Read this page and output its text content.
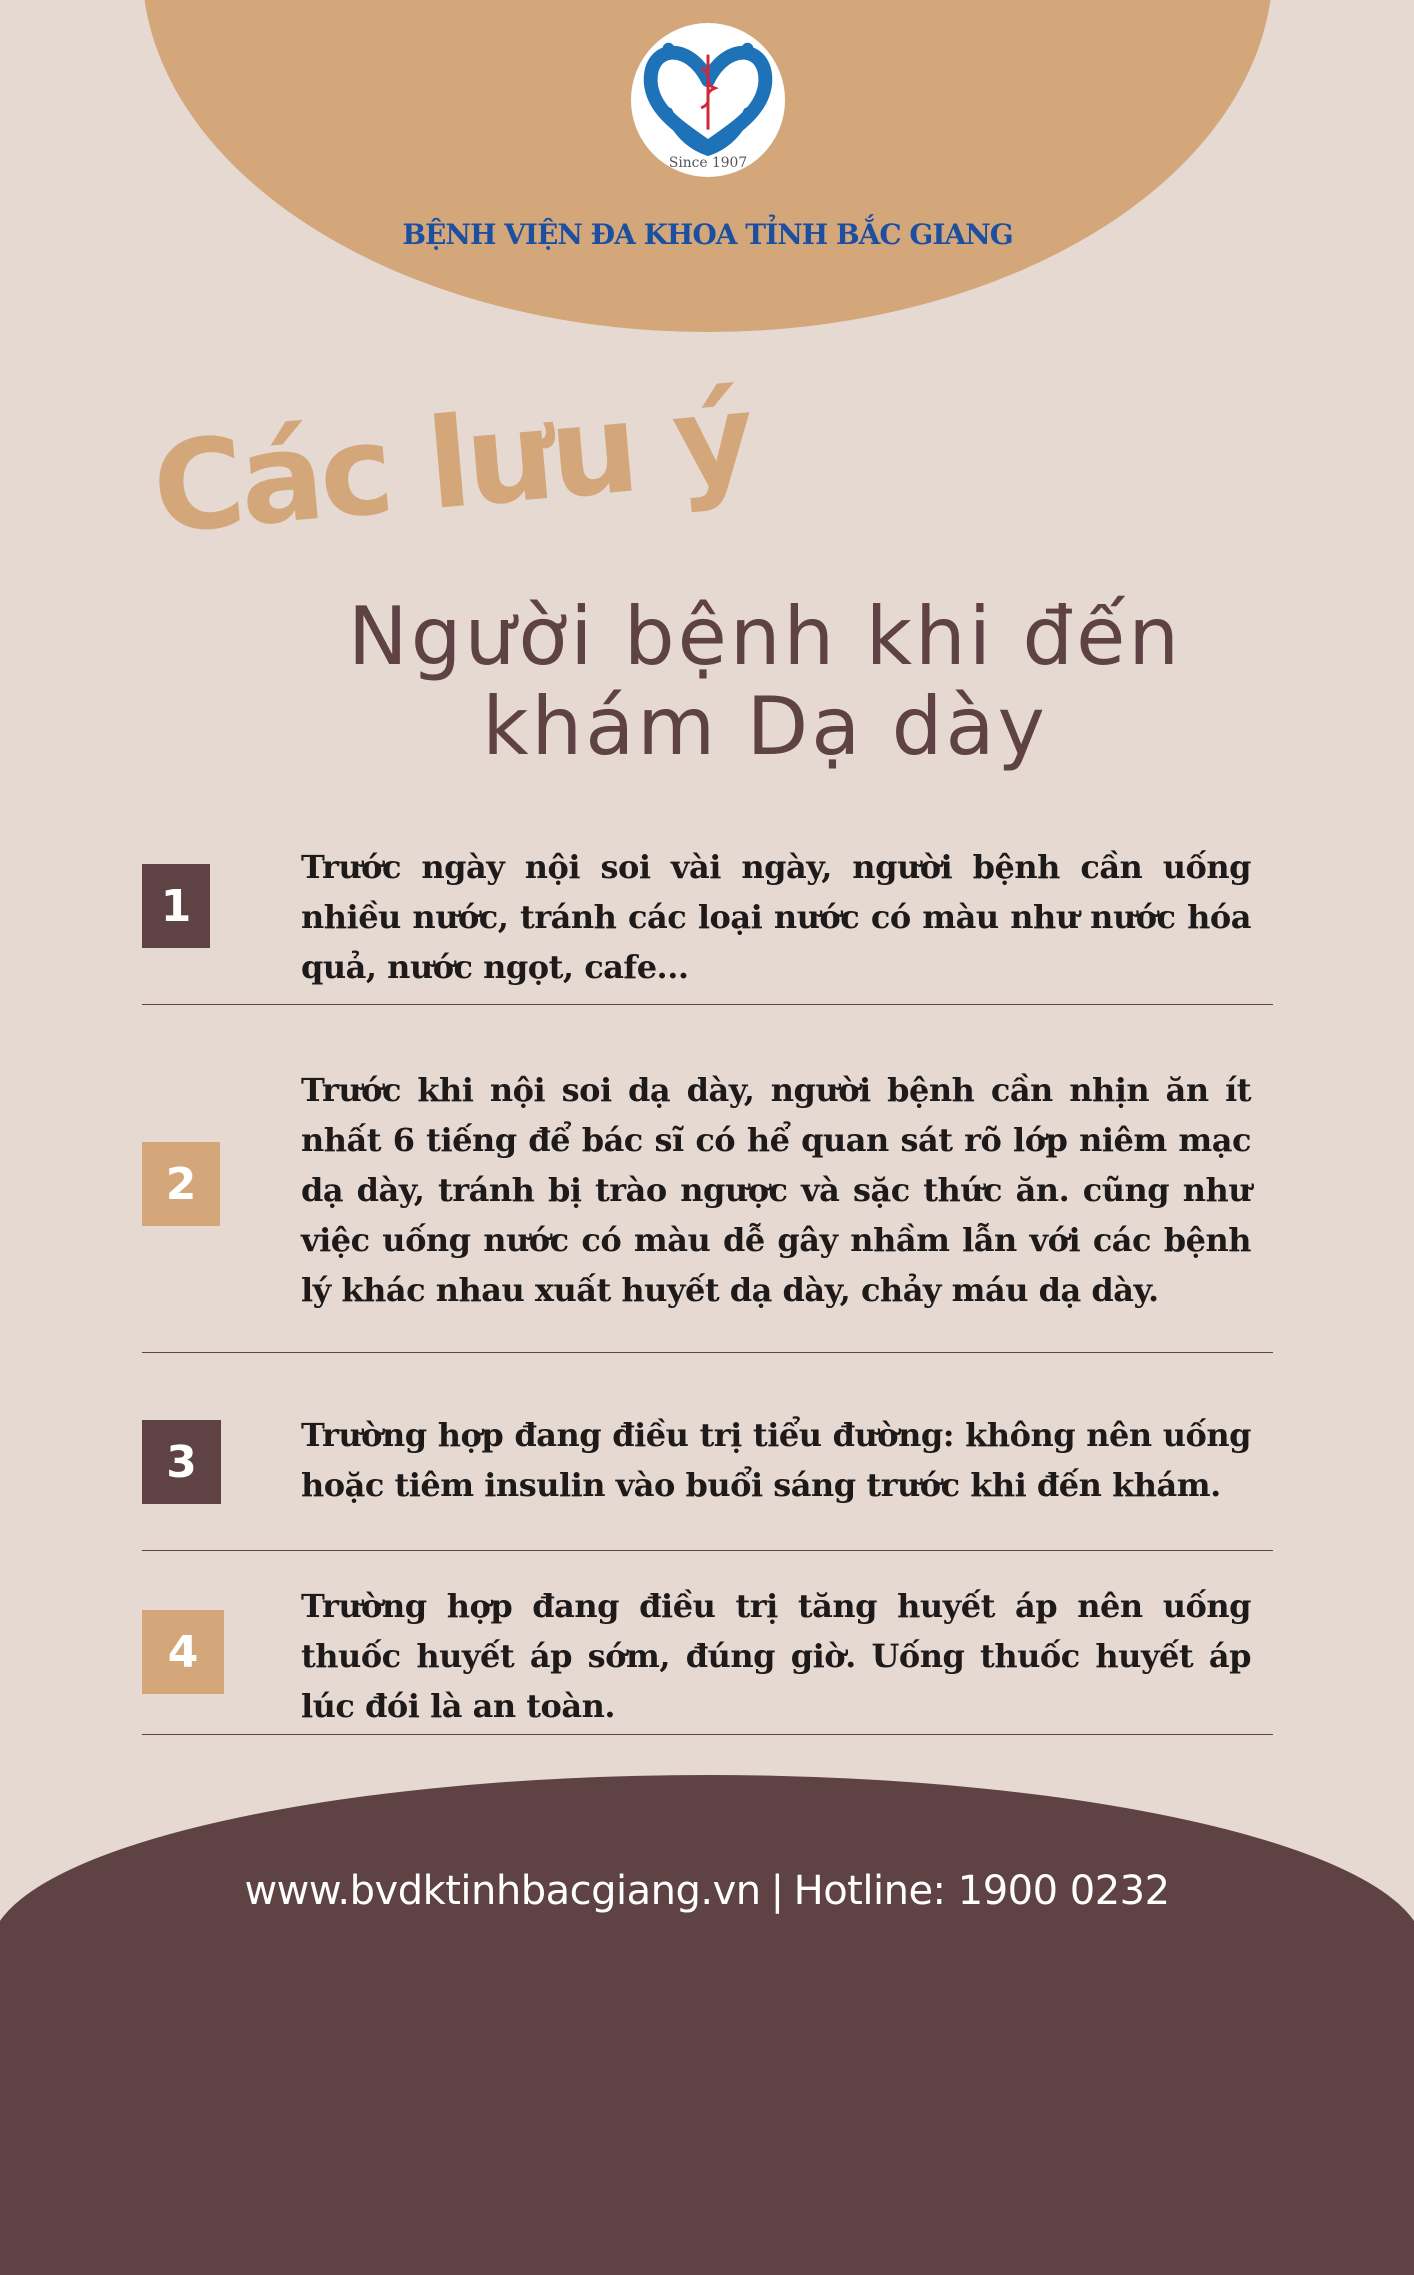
Since 1907
BỆNH VIỆN ĐA KHOA TỈNH BẮC GIANG
Các lưu ý
Người bệnh khi đến
khám Dạ dày
1
Trước ngày nội soi vài ngày, người bệnh cần uống nhiều nước, tránh các loại nước có màu như nước hóa quả, nước ngọt, cafe...
2
Trước khi nội soi dạ dày, người bệnh cần nhịn ăn ít nhất 6 tiếng để bác sĩ có hể quan sát rõ lớp niêm mạc dạ dày, tránh bị trào ngược và sặc thức ăn. cũng như việc uống nước có màu dễ gây nhầm lẫn với các bệnh lý khác nhau xuất huyết dạ dày, chảy máu dạ dày.
3
Trường hợp đang điều trị tiểu đường: không nên uống hoặc tiêm insulin vào buổi sáng trước khi đến khám.
4
Trường hợp đang điều trị tăng huyết áp nên uống thuốc huyết áp sớm, đúng giờ. Uống thuốc huyết áp lúc đói là an toàn.
www.bvdktinhbacgiang.vn | Hotline: 1900 0232
